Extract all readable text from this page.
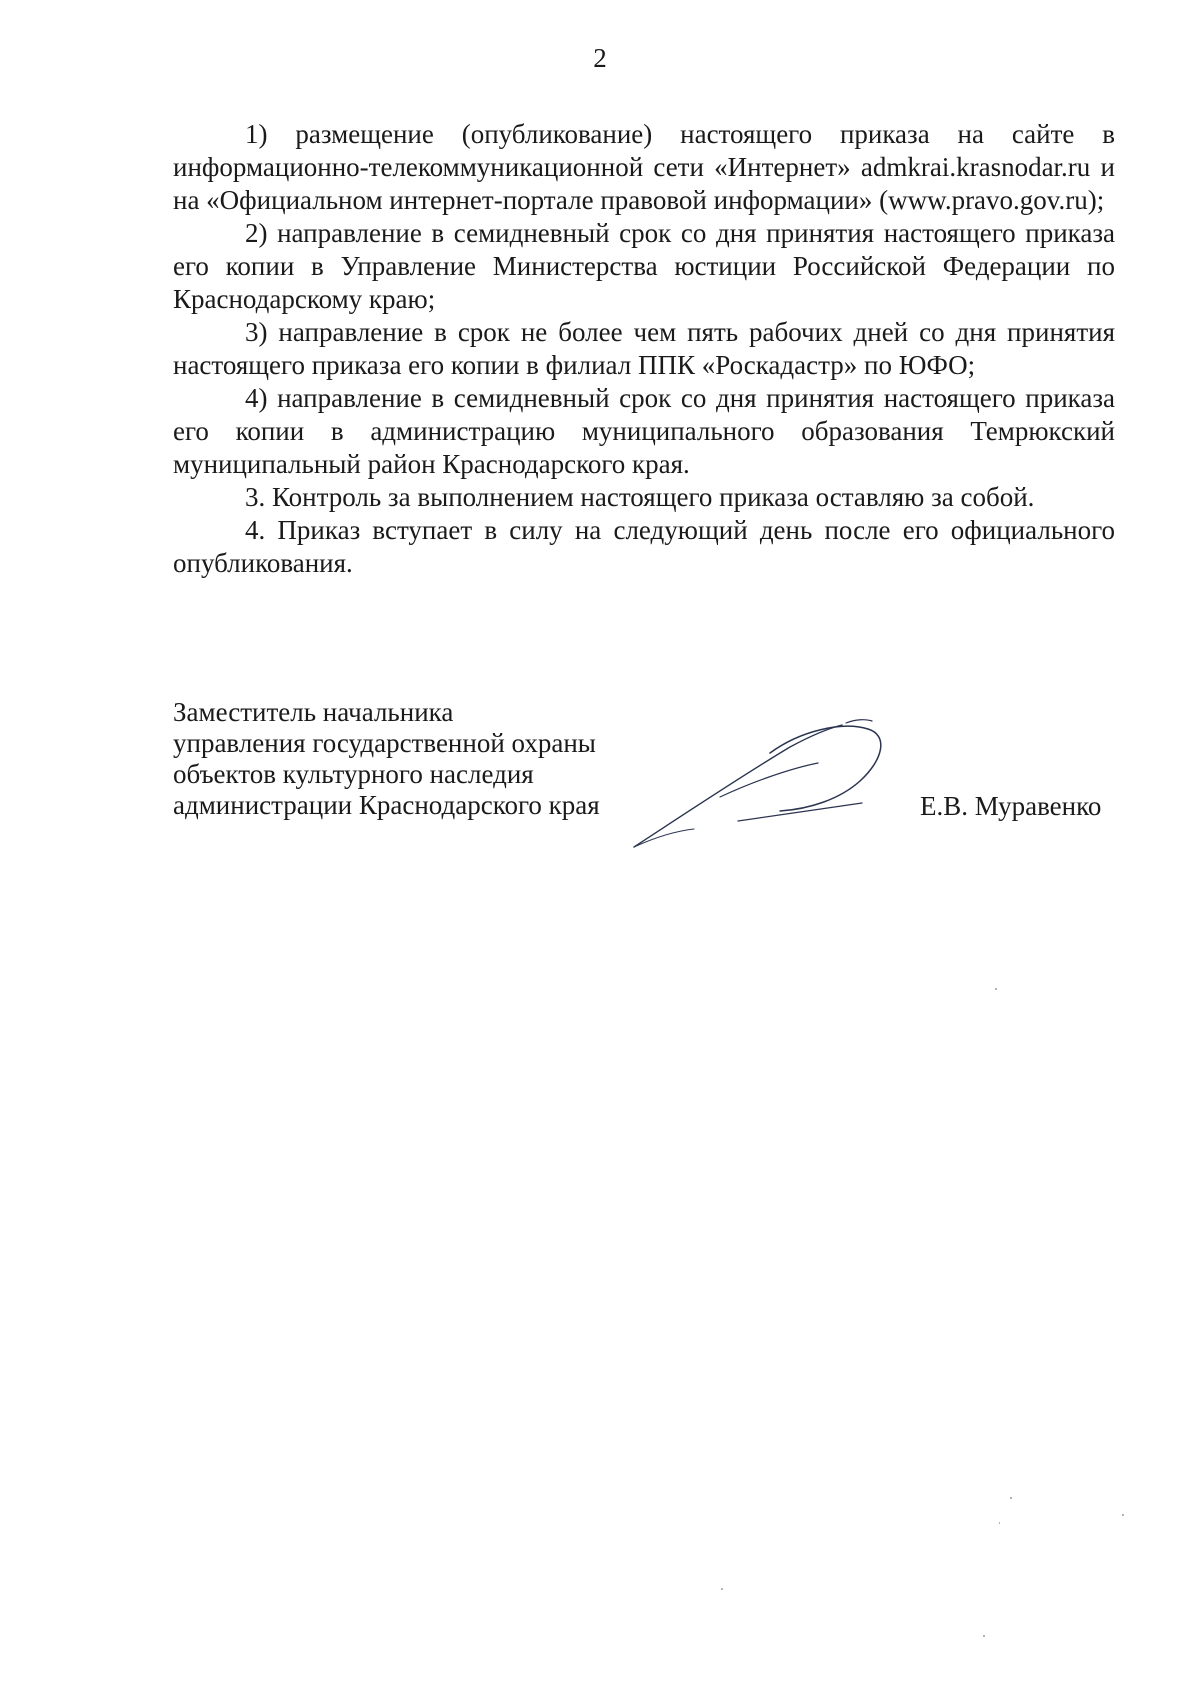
2

1) размещение (опубликование) настоящего приказа на сайте в информационно-телекоммуникационной сети «Интернет» admkrai.krasnodar.ru и на «Официальном интернет-портале правовой информации» (www.pravo.gov.ru);

2) направление в семидневный срок со дня принятия настоящего приказа его копии в Управление Министерства юстиции Российской Федерации по Краснодарскому краю;

3) направление в срок не более чем пять рабочих дней со дня принятия настоящего приказа его копии в филиал ППК «Роскадастр» по ЮФО;

4) направление в семидневный срок со дня принятия настоящего приказа его копии в администрацию муниципального образования Темрюкский муниципальный район Краснодарского края.

3. Контроль за выполнением настоящего приказа оставляю за собой.

4. Приказ вступает в силу на следующий день после его официального опубликования.

Заместитель начальника
управления государственной охраны
объектов культурного наследия
администрации Краснодарского края	Е.В. Муравенко
